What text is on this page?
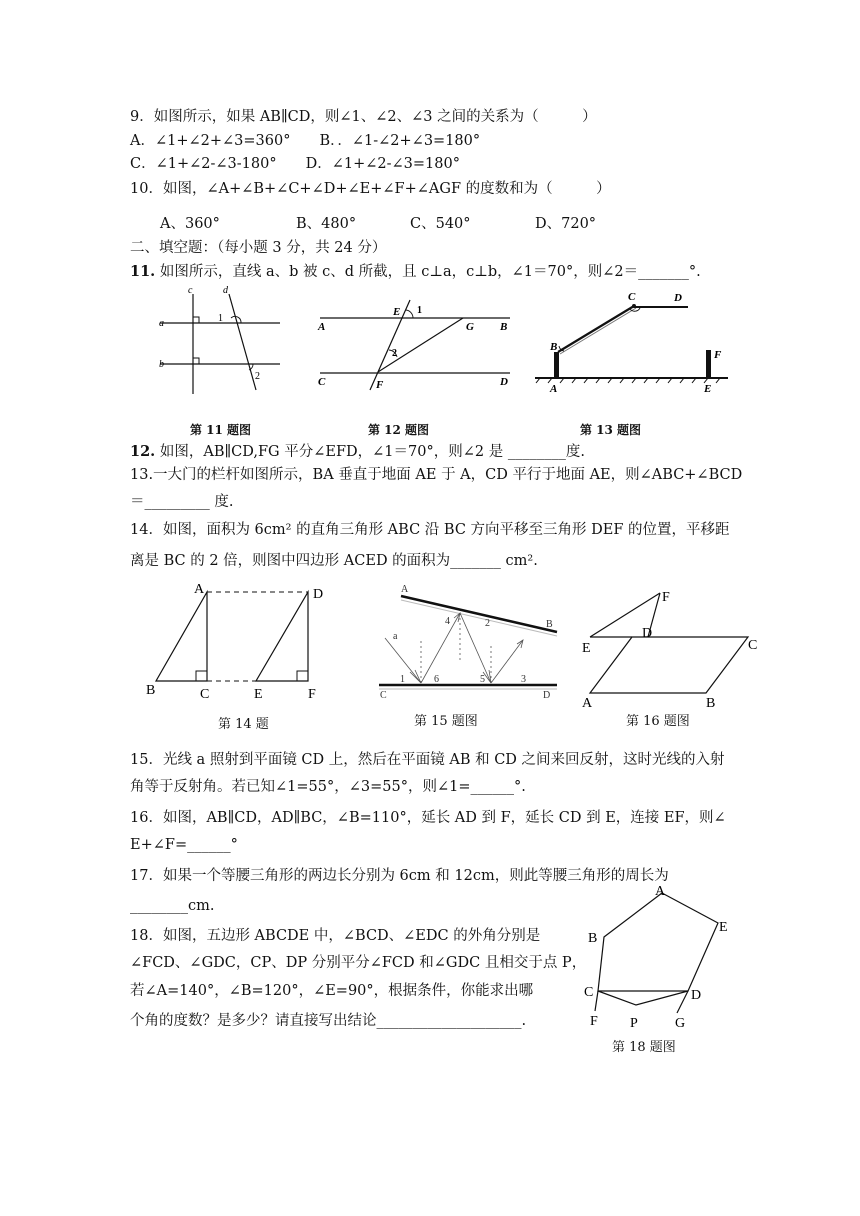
9．如图所示，如果 AB∥CD，则∠1、∠2、∠3 之间的关系为（　　　）
A．∠1+∠2+∠3=360°　　B．．∠1-∠2+∠3=180°
C．∠1+∠2-∠3-180°　　D．∠1+∠2-∠3=180°
10．如图，∠A+∠B+∠C+∠D+∠E+∠F+∠AGF 的度数和为（　　　）
A、360°	B、480°	C、540°	D、720°
二、填空题：（每小题 3 分，共 24 分）
11. 如图所示，直线 a、b 被 c、d 所截，且 c⊥a，c⊥b，∠1＝70°，则∠2＝_______°.
c	d
a
b
1
2
第 11 题图
A	B
C	D
E
F
G
1
2
第 12 题图
A
B
C	D
E
F
第 13 题图
12. 如图，AB∥CD,FG 平分∠EFD，∠1＝70°，则∠2 是 ________度.
13.一大门的栏杆如图所示，BA 垂直于地面 AE 于 A，CD 平行于地面 AE，则∠ABC+∠BCD
＝_________ 度.
14．如图，面积为 6cm² 的直角三角形 ABC 沿 BC 方向平移至三角形 DEF 的位置，平移距
离是 BC 的 2 倍，则图中四边形 ACED 的面积为_______ cm².
A
B	C
D
E	F
第 14 题
A
B
C	D
a
1
2
3
4
5
6
第 15 题图
A	B
C
D
E
F
第 16 题图
15．光线 a 照射到平面镜 CD 上，然后在平面镜 AB 和 CD 之间来回反射，这时光线的入射
角等于反射角。若已知∠1=55°，∠3=55°，则∠1=______°.
16．如图，AB∥CD，AD∥BC，∠B=110°，延长 AD 到 F，延长 CD 到 E，连接 EF，则∠
E+∠F=______°
17．如果一个等腰三角形的两边长分别为 6cm 和 12cm，则此等腰三角形的周长为
________cm.
18．如图，五边形 ABCDE 中，∠BCD、∠EDC 的外角分别是
∠FCD、∠GDC，CP、DP 分别平分∠FCD 和∠GDC 且相交于点 P，
若∠A=140°，∠B=120°，∠E=90°，根据条件，你能求出哪
个角的度数？是多少？请直接写出结论____________________.
A
B
C	D
E
F	G
P
第 18 题图
